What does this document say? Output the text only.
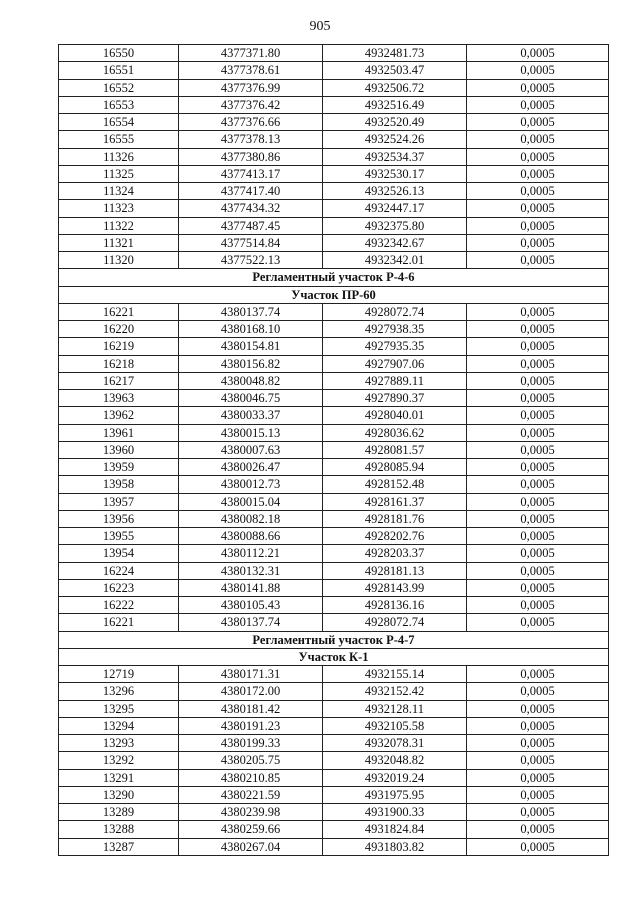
905
16550	4377371.80	4932481.73	0,0005
16551	4377378.61	4932503.47	0,0005
16552	4377376.99	4932506.72	0,0005
16553	4377376.42	4932516.49	0,0005
16554	4377376.66	4932520.49	0,0005
16555	4377378.13	4932524.26	0,0005
11326	4377380.86	4932534.37	0,0005
11325	4377413.17	4932530.17	0,0005
11324	4377417.40	4932526.13	0,0005
11323	4377434.32	4932447.17	0,0005
11322	4377487.45	4932375.80	0,0005
11321	4377514.84	4932342.67	0,0005
11320	4377522.13	4932342.01	0,0005
Регламентный участок Р-4-6			
Участок ПР-60			
16221	4380137.74	4928072.74	0,0005
16220	4380168.10	4927938.35	0,0005
16219	4380154.81	4927935.35	0,0005
16218	4380156.82	4927907.06	0,0005
16217	4380048.82	4927889.11	0,0005
13963	4380046.75	4927890.37	0,0005
13962	4380033.37	4928040.01	0,0005
13961	4380015.13	4928036.62	0,0005
13960	4380007.63	4928081.57	0,0005
13959	4380026.47	4928085.94	0,0005
13958	4380012.73	4928152.48	0,0005
13957	4380015.04	4928161.37	0,0005
13956	4380082.18	4928181.76	0,0005
13955	4380088.66	4928202.76	0,0005
13954	4380112.21	4928203.37	0,0005
16224	4380132.31	4928181.13	0,0005
16223	4380141.88	4928143.99	0,0005
16222	4380105.43	4928136.16	0,0005
16221	4380137.74	4928072.74	0,0005
Регламентный участок Р-4-7			
Участок К-1			
12719	4380171.31	4932155.14	0,0005
13296	4380172.00	4932152.42	0,0005
13295	4380181.42	4932128.11	0,0005
13294	4380191.23	4932105.58	0,0005
13293	4380199.33	4932078.31	0,0005
13292	4380205.75	4932048.82	0,0005
13291	4380210.85	4932019.24	0,0005
13290	4380221.59	4931975.95	0,0005
13289	4380239.98	4931900.33	0,0005
13288	4380259.66	4931824.84	0,0005
13287	4380267.04	4931803.82	0,0005
